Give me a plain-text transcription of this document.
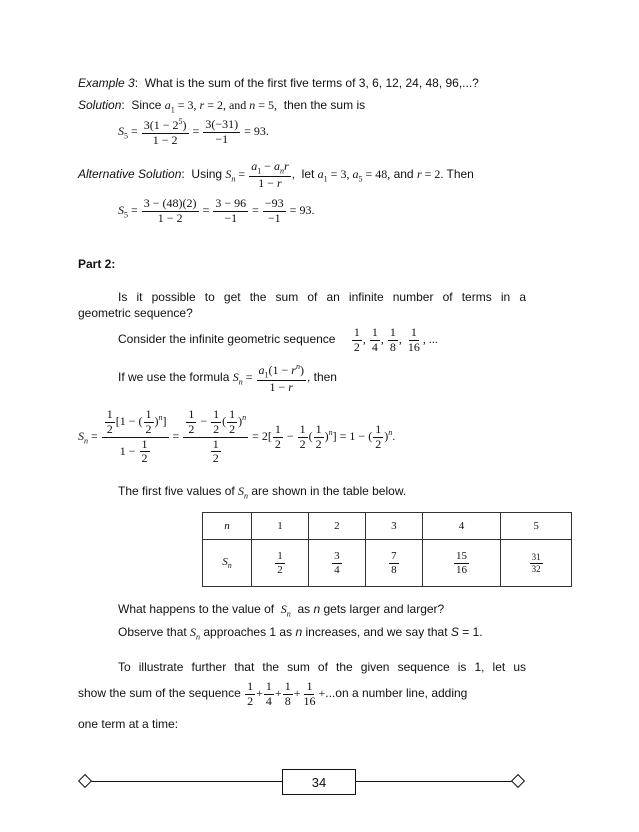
Example 3:  What is the sum of the first five terms of 3, 6, 12, 24, 48, 96,...?
Solution:  Since $a_1 = 3$, r = 2, and n = 5,  then the sum is
$S_5 = \frac{3(1 - 2^5)}{1 - 2} = \frac{3(-31)}{-1} = 93$.
Alternative Solution:  Using $S_n = \frac{a_1 - a_nr}{1 - r}$ ,  let $a_1 = 3$, $a_5 = 48$, and r = 2. Then
$S_5 = \frac{3 - (48)(2)}{1 - 2} = \frac{3 - 96}{-1} = \frac{-93}{-1} = 93$.
Part 2:
Is it possible to get the sum of an infinite number of terms in a
geometric sequence?
Consider the infinite geometric sequence $\frac{1}{2}$ , $\frac{1}{4}$ , $\frac{1}{8}$ , $\frac{1}{16}$ , ...
If we use the formula $S_n = \frac{a_1(1 - r^n)}{1 - r}$ , then
$S_n = \frac{\frac{1}{2} [1 - ( \frac{1}{2} )^n]}{1 - \frac{1}{2}} = \frac{\frac{1}{2} - \frac{1}{2} ( \frac{1}{2} )^n}{\frac{1}{2}} = 2[ \frac{1}{2} - \frac{1}{2}$ ( $\frac{1}{2} )^n] = 1$ − ( $\frac{1}{2} )^n$.
The first five values of $S_n$ are shown in the table below.
n	1	2	3	4	5
$S_n$	$\frac{1}{2}$	$\frac{3}{4}$	$\frac{7}{8}$	$\frac{15}{16}$	$\frac{31}{32}$
What happens to the value of  $S_n$  as n gets larger and larger?
Observe that $S_n$ approaches 1 as n increases, and we say that S = 1.
To illustrate further that the sum of the given sequence is 1, let us
show the sum of the sequence $\frac{1}{2} + \frac{1}{4} + \frac{1}{8} + \frac{1}{16} +...on$ a number line, adding
one term at a time:
34
